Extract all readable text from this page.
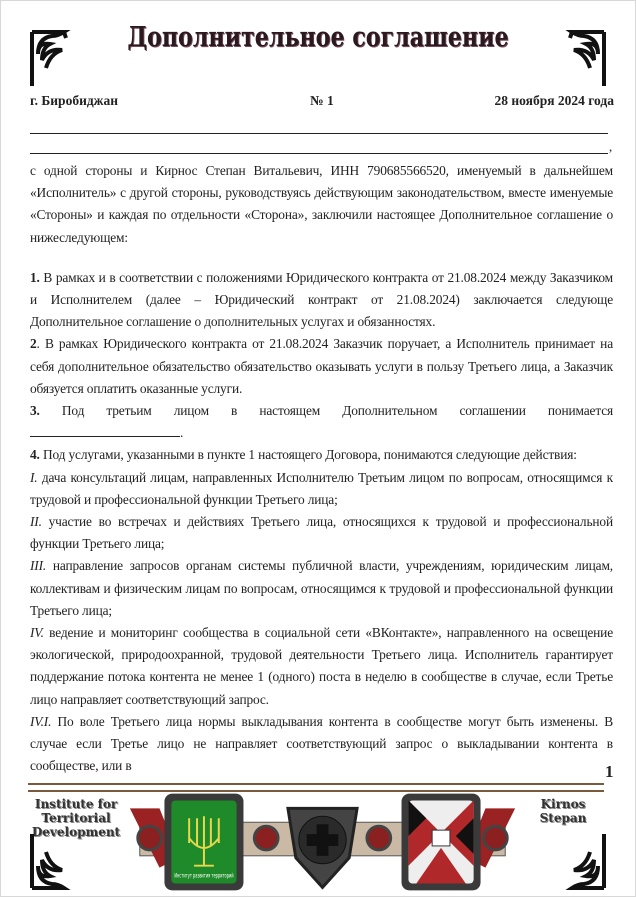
Дополнительное соглашение
г. Биробиджан	№ 1	28 ноября 2024 года
,

с одной стороны и Кирнос Степан Витальевич, ИНН 790685566520, именуемый в дальнейшем «Исполнитель» с другой стороны, руководствуясь действующим законодательством, вместе именуемые «Стороны» и каждая по отдельности «Сторона», заключили настоящее Дополнительное соглашение о нижеследующем:

1. В рамках и в соответствии с положениями Юридического контракта от 21.08.2024 между Заказчиком и Исполнителем (далее – Юридический контракт от 21.08.2024) заключается следующе Дополнительное соглашение о дополнительных услугах и обязанностях.

2. В рамках Юридического контракта от 21.08.2024 Заказчик поручает, а Исполнитель принимает на себя дополнительное обязательство обязательство оказывать услуги в пользу Третьего лица, а Заказчик обязуется оплатить оказанные услуги.

3. Под третьим лицом в настоящем Дополнительном соглашении понимается .

4. Под услугами, указанными в пункте 1 настоящего Договора, понимаются следующие действия:

I. дача консультаций лицам, направленных Исполнителю Третьим лицом по вопросам, относящимся к трудовой и профессиональной функции Третьего лица;

II. участие во встречах и действиях Третьего лица, относящихся к трудовой и профессиональной функции Третьего лица;

III. направление запросов органам системы публичной власти, учреждениям, юридическим лицам, коллективам и физическим лицам по вопросам, относящимся к трудовой и профессиональной функции Третьего лица;

IV. ведение и мониторинг сообщества в социальной сети «ВКонтакте», направленного на освещение экологической, природоохранной, трудовой деятельности Третьего лица. Исполнитель гарантирует поддержание потока контента не менее 1 (одного) поста в неделю в сообществе в случае, если Третье лицо направляет соответствующий запрос.

IV.I. По воле Третьего лица нормы выкладывания контента в сообществе могут быть изменены. В случае если Третье лицо не направляет соответствующий запрос о выкладывании контента в сообществе, или в	1
Institute for Territorial Development
Kirnos Stepan
Институт развития территорий
